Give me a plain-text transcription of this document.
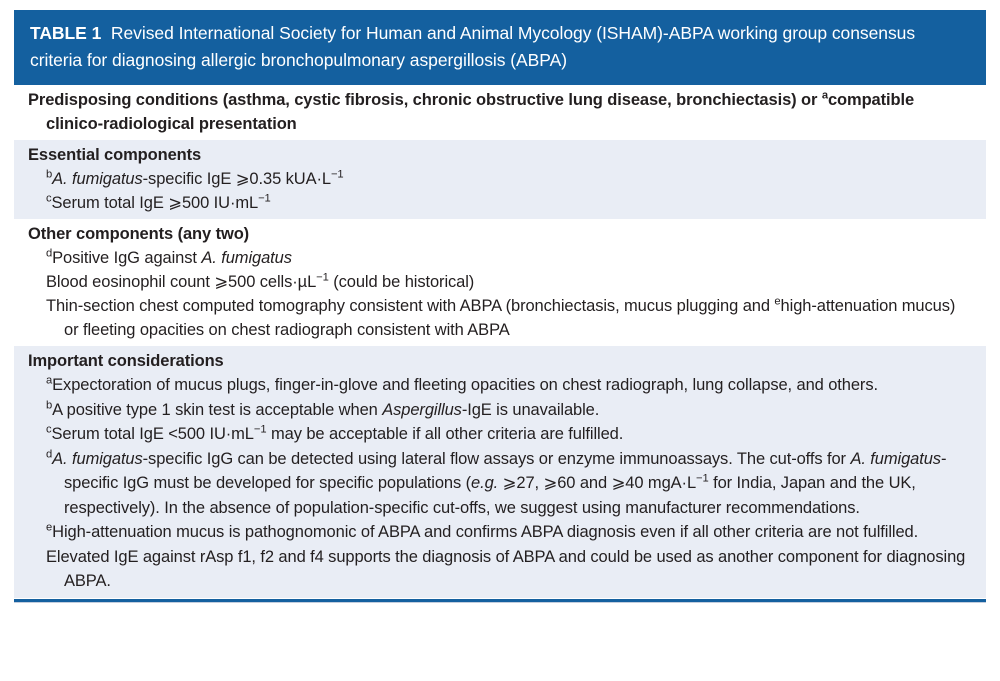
TABLE 1 Revised International Society for Human and Animal Mycology (ISHAM)-ABPA working group consensus criteria for diagnosing allergic bronchopulmonary aspergillosis (ABPA)
Predisposing conditions (asthma, cystic fibrosis, chronic obstructive lung disease, bronchiectasis) or $^a$compatible clinico-radiological presentation
Essential components
$^b$A. fumigatus-specific IgE ⩾0.35 $kUA\cdot L^{-1}$
$^c$Serum total IgE ⩾500 $IU\cdot mL^{-1}$
Other components (any two)
$^d$Positive IgG against A. fumigatus
Blood eosinophil count ⩾500 cells·µL$^{-1}$ (could be historical)
Thin-section chest computed tomography consistent with ABPA (bronchiectasis, mucus plugging and $^e$high-attenuation mucus) or fleeting opacities on chest radiograph consistent with ABPA
Important considerations
$^a$Expectoration of mucus plugs, finger-in-glove and fleeting opacities on chest radiograph, lung collapse, and others.
$^b$A positive type 1 skin test is acceptable when Aspergillus-IgE is unavailable.
$^c$Serum total IgE <500 $IU\cdot mL^{-1}$ may be acceptable if all other criteria are fulfilled.
$^d$A. fumigatus-specific IgG can be detected using lateral flow assays or enzyme immunoassays. The cut-offs for A. fumigatus-specific IgG must be developed for specific populations (e.g. ⩾27, ⩾60 and ⩾40 $mgA\cdot L^{-1}$ for India, Japan and the UK, respectively). In the absence of population-specific cut-offs, we suggest using manufacturer recommendations.
$^e$High-attenuation mucus is pathognomonic of ABPA and confirms ABPA diagnosis even if all other criteria are not fulfilled.
Elevated IgE against rAsp f1, f2 and f4 supports the diagnosis of ABPA and could be used as another component for diagnosing ABPA.
